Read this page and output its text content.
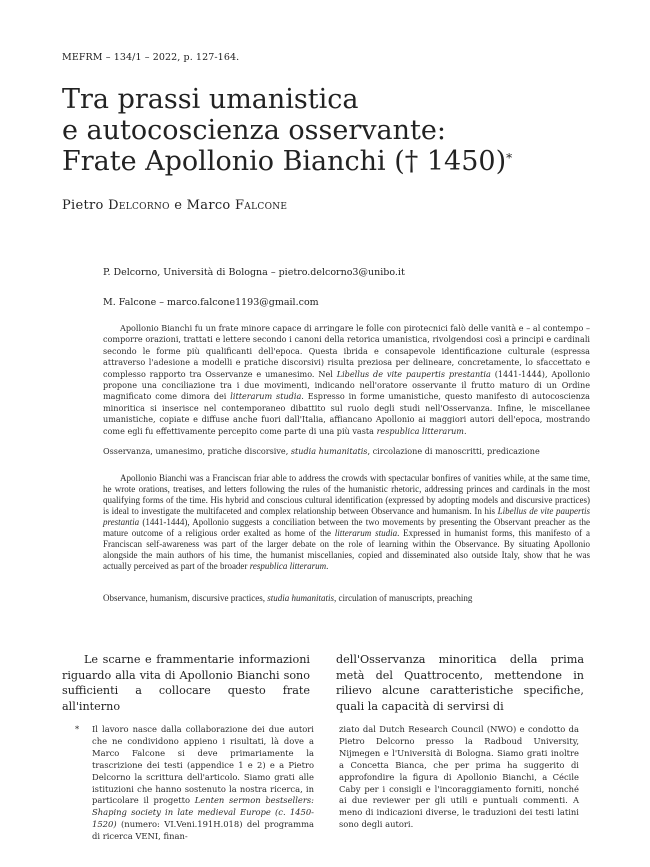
MEFRM – 134/1 – 2022, p. 127-164.
Tra prassi umanistica
e autocoscienza osservante:
Frate Apollonio Bianchi († 1450)*
Pietro Delcorno e Marco Falcone
P. Delcorno, Università di Bologna – pietro.delcorno3@unibo.it
M. Falcone – marco.falcone1193@gmail.com

Apollonio Bianchi fu un frate minore capace di arringare le folle con pirotecnici falò delle vanità e – al contempo – comporre orazioni, trattati e lettere secondo i canoni della retorica umanistica, rivolgendosi così a principi e cardinali secondo le forme più qualificanti dell'epoca. Questa ibrida e consapevole identificazione culturale (espressa attraverso l'adesione a modelli e pratiche discorsivi) risulta preziosa per delineare, concretamente, lo sfaccettato e complesso rapporto tra Osservanze e umanesimo. Nel Libellus de vite paupertis prestantia (1441-1444), Apollonio propone una conciliazione tra i due movimenti, indicando nell'oratore osservante il frutto maturo di un Ordine magnificato come dimora dei litterarum studia. Espresso in forme umanistiche, questo manifesto di autocoscienza minoritica si inserisce nel contemporaneo dibattito sul ruolo degli studi nell'Osservanza. Infine, le miscellanee umanistiche, copiate e diffuse anche fuori dall'Italia, affiancano Apollonio ai maggiori autori dell'epoca, mostrando come egli fu effettivamente percepito come parte di una più vasta respublica litterarum.

Osservanza, umanesimo, pratiche discorsive, studia humanitatis, circolazione di manoscritti, predicazione

Apollonio Bianchi was a Franciscan friar able to address the crowds with spectacular bonfires of vanities while, at the same time, he wrote orations, treatises, and letters following the rules of the humanistic rhetoric, addressing princes and cardinals in the most qualifying forms of the time. His hybrid and conscious cultural identification (expressed by adopting models and discursive practices) is ideal to investigate the multifaceted and complex relationship between Observance and humanism. In his Libellus de vite paupertis prestantia (1441-1444), Apollonio suggests a conciliation between the two movements by presenting the Observant preacher as the mature outcome of a religious order exalted as home of the litterarum studia. Expressed in humanist forms, this manifesto of a Franciscan self-awareness was part of the larger debate on the role of learning within the Observance. By situating Apollonio alongside the main authors of his time, the humanist miscellanies, copied and disseminated also outside Italy, show that he was actually perceived as part of the broader respublica litterarum.

Observance, humanism, discursive practices, studia humanitatis, circulation of manuscripts, preaching

Le scarne e frammentarie informazioni riguardo alla vita di Apollonio Bianchi sono sufficienti a collocare questo frate all'interno

dell'Osservanza minoritica della prima metà del Quattrocento, mettendone in rilievo alcune caratteristiche specifiche, quali la capacità di servirsi di

* Il lavoro nasce dalla collaborazione dei due autori che ne condividono appieno i risultati, là dove a Marco Falcone si deve primariamente la trascrizione dei testi (appendice 1 e 2) e a Pietro Delcorno la scrittura dell'articolo. Siamo grati alle istituzioni che hanno sostenuto la nostra ricerca, in particolare il progetto Lenten sermon bestsellers: Shaping society in late medieval Europe (c. 1450-1520) (numero: VI.Veni.191H.018) del programma di ricerca VENI, finan-
ziato dal Dutch Research Council (NWO) e condotto da Pietro Delcorno presso la Radboud University, Nijmegen e l'Università di Bologna. Siamo grati inoltre a Concetta Bianca, che per prima ha suggerito di approfondire la figura di Apollonio Bianchi, a Cécile Caby per i consigli e l'incoraggiamento forniti, nonché ai due reviewer per gli utili e puntuali commenti. A meno di indicazioni diverse, le traduzioni dei testi latini sono degli autori.
